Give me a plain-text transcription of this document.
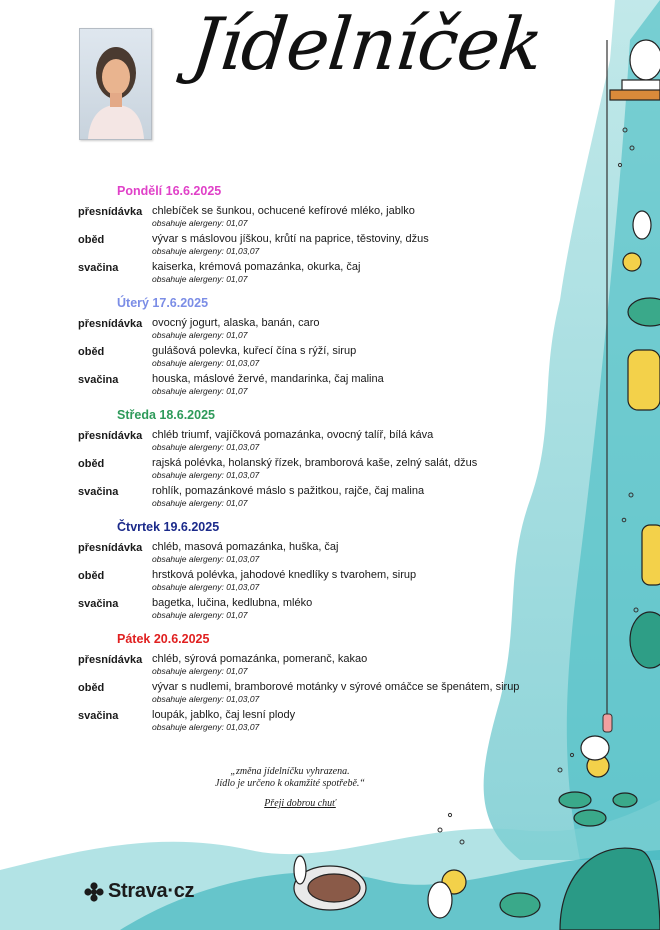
Jídelníček
Pondělí 16.6.2025
přesnídávka chlebíček se šunkou, ochucené kefírové mléko, jablko
obsahuje alergeny: 01,07
oběd	vývar s máslovou jíškou, krůtí na paprice, těstoviny, džus
obsahuje alergeny: 01,03,07
svačina	kaiserka, krémová pomazánka, okurka, čaj
obsahuje alergeny: 01,07
Úterý 17.6.2025
přesnídávka ovocný jogurt, alaska, banán, caro
obsahuje alergeny: 01,07
oběd	gulášová polevka, kuřecí čína s rýží, sirup
obsahuje alergeny: 01,03,07
svačina	houska, máslové žervé, mandarinka, čaj malina
obsahuje alergeny: 01,07
Středa 18.6.2025
přesnídávka chléb triumf, vajíčková pomazánka, ovocný talíř, bílá káva
obsahuje alergeny: 01,03,07
oběd	rajská polévka, holanský řízek, bramborová kaše, zelný salát, džus
obsahuje alergeny: 01,03,07
svačina	rohlík, pomazánkové máslo s pažitkou, rajče, čaj malina
obsahuje alergeny: 01,07
Čtvrtek 19.6.2025
přesnídávka chléb, masová pomazánka, huška, čaj
obsahuje alergeny: 01,03,07
oběd	hrstková polévka, jahodové knedlíky s tvarohem, sirup
obsahuje alergeny: 01,03,07
svačina	bagetka, lučina, kedlubna, mléko
obsahuje alergeny: 01,07
Pátek 20.6.2025
přesnídávka chléb, sýrová pomazánka, pomeranč, kakao
obsahuje alergeny: 01,07
oběd	vývar s nudlemi, bramborové motánky v sýrové omáčce se špenátem, sirup
obsahuje alergeny: 01,03,07
svačina	loupák, jablko, čaj lesní plody
obsahuje alergeny: 01,03,07
„změna jídelníčku vyhrazena.
Jídlo je určeno k okamžité spotřebě.“
Přeji dobrou chuť
Strava·cz
